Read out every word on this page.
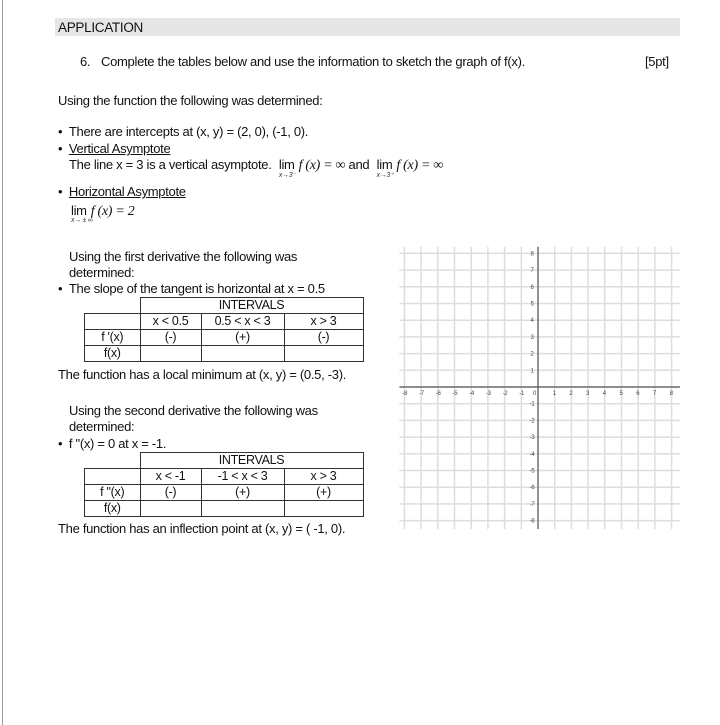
APPLICATION
6. Complete the tables below and use the information to sketch the graph of f(x).	[5pt]
Using the function the following was determined:
•  There are intercepts at (x, y) = (2, 0), (-1, 0).
•  Vertical Asymptote
The line x = 3 is a vertical asymptote. lim
x→3⁻
f (x) = ∞ and lim
x→3⁺
f (x) = ∞
•  Horizontal Asymptote
lim
x→ ± ∞
f (x) = 2
Using the first derivative the following was
determined:
•  The slope of the tangent is horizontal at x = 0.5
	INTERVALS		
	x < 0.5	0.5 < x < 3	x > 3
f '(x)	(-)	(+)	(-)
f(x)			
The function has a local minimum at (x, y) = (0.5, -3).
Using the second derivative the following was
determined:
•  f "(x) = 0 at x = -1.
	INTERVALS		
	x < -1	-1 < x < 3	x > 3
f "(x)	(-)	(+)	(+)
f(x)			
The function has an inflection point at (x, y) = ( -1, 0).
-8 -7 -6 -5 -4 -3 -2 -1 0	1 2 3 4 5 6 7 8
-8
-7
-6
-5
-4
-3
-2
-1
1
2
3
4
5
6
7
8
